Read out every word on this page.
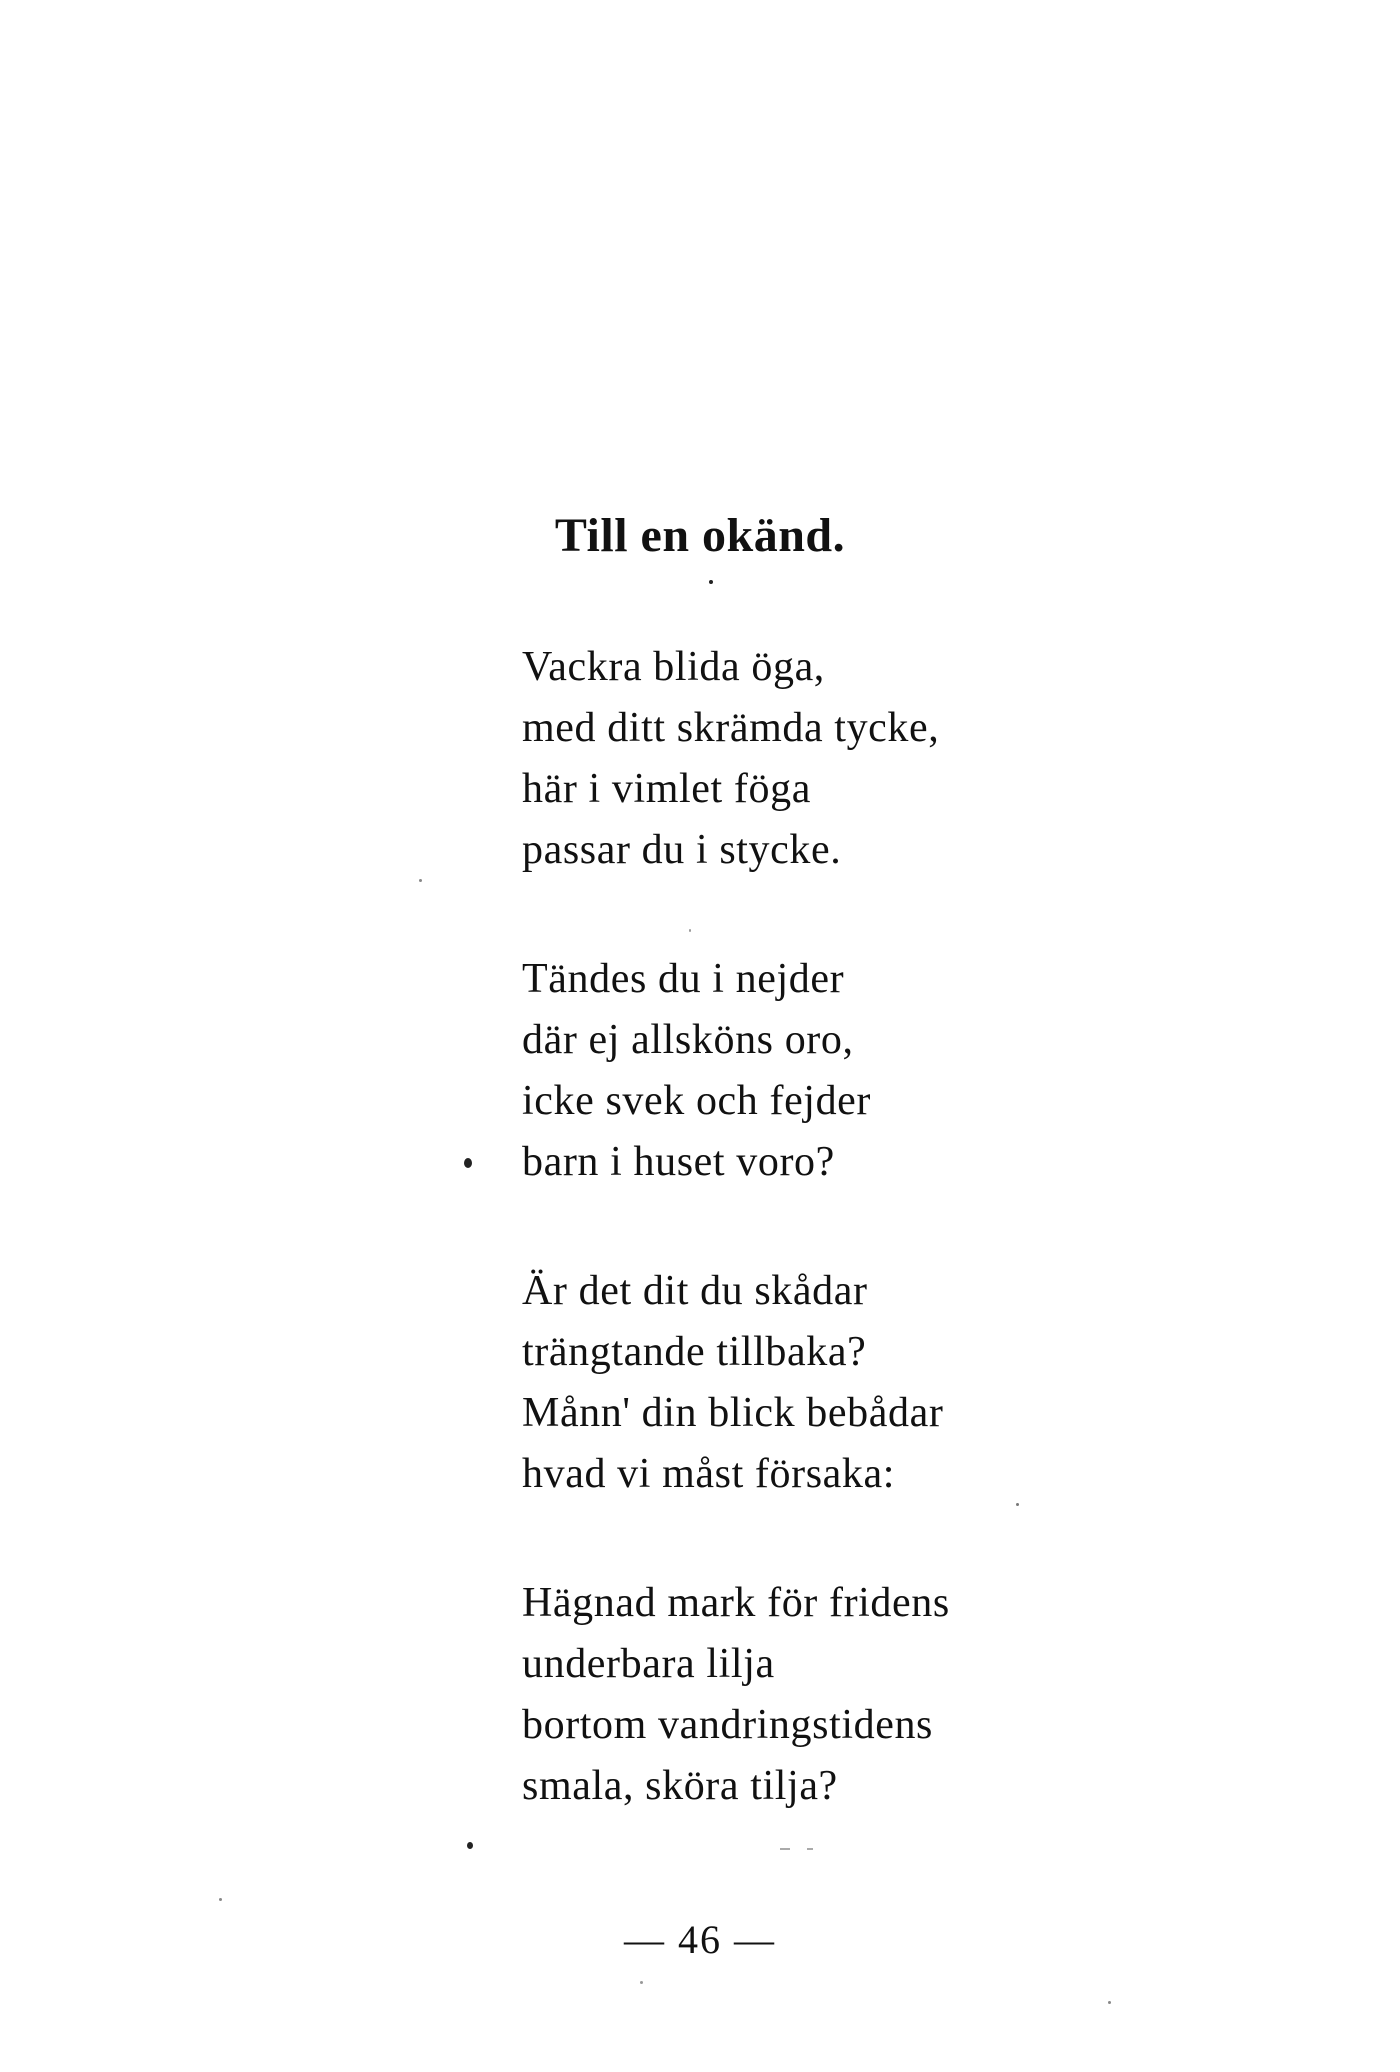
Till en okänd.

Vackra blida öga,
med ditt skrämda tycke,
här i vimlet föga
passar du i stycke.

Tändes du i nejder
där ej allsköns oro,
icke svek och fejder
barn i huset voro?

Är det dit du skådar
trängtande tillbaka?
Månn' din blick bebådar
hvad vi måst försaka:

Hägnad mark för fridens
underbara lilja
bortom vandringstidens
smala, sköra tilja?

— 46 —
